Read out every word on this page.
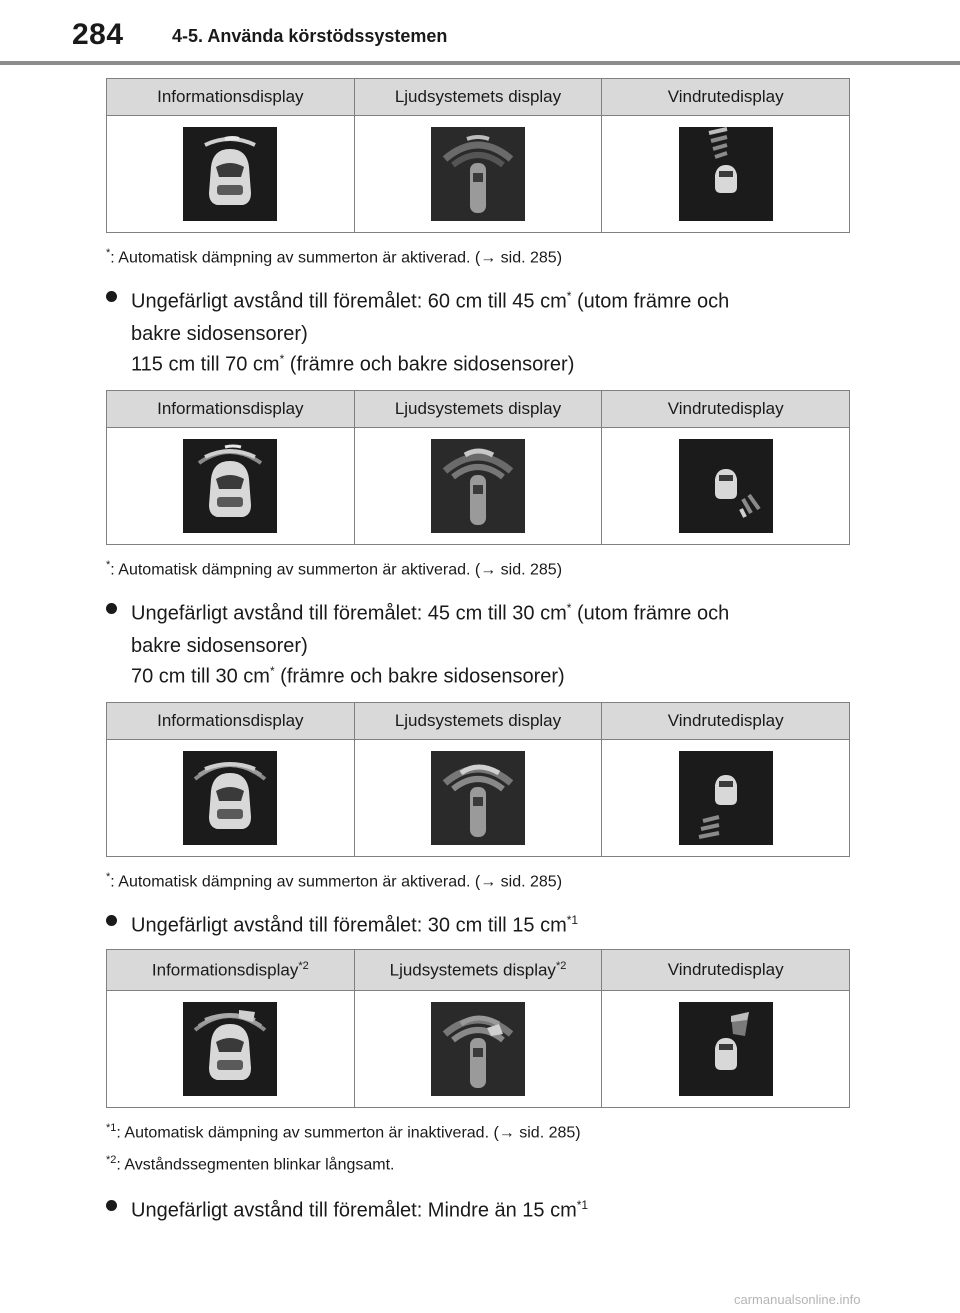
284	4-5. Använda körstödssystemen
Informationsdisplay	Ljudsystemets display	Vindrutedisplay

*: Automatisk dämpning av summerton är aktiverad. (→ sid. 285)
Ungefärligt avstånd till föremålet: 60 cm till 45 cm* (utom främre och
bakre sidosensorer)
115 cm till 70 cm* (främre och bakre sidosensorer)
Informationsdisplay	Ljudsystemets display	Vindrutedisplay

*: Automatisk dämpning av summerton är aktiverad. (→ sid. 285)
Ungefärligt avstånd till föremålet: 45 cm till 30 cm* (utom främre och
bakre sidosensorer)
70 cm till 30 cm* (främre och bakre sidosensorer)
Informationsdisplay	Ljudsystemets display	Vindrutedisplay

*: Automatisk dämpning av summerton är aktiverad. (→ sid. 285)
Ungefärligt avstånd till föremålet: 30 cm till 15 $cm^{*1}$
Informationsdisplay$^{*2}$	Ljudsystemets display$^{*2}$	Vindrutedisplay

$^{*1}$: Automatisk dämpning av summerton är inaktiverad. (→ sid. 285)
$^{*2}$: Avståndssegmenten blinkar långsamt.
Ungefärligt avstånd till föremålet: Mindre än 15 $cm^{*1}$
carmanualsonline.info
